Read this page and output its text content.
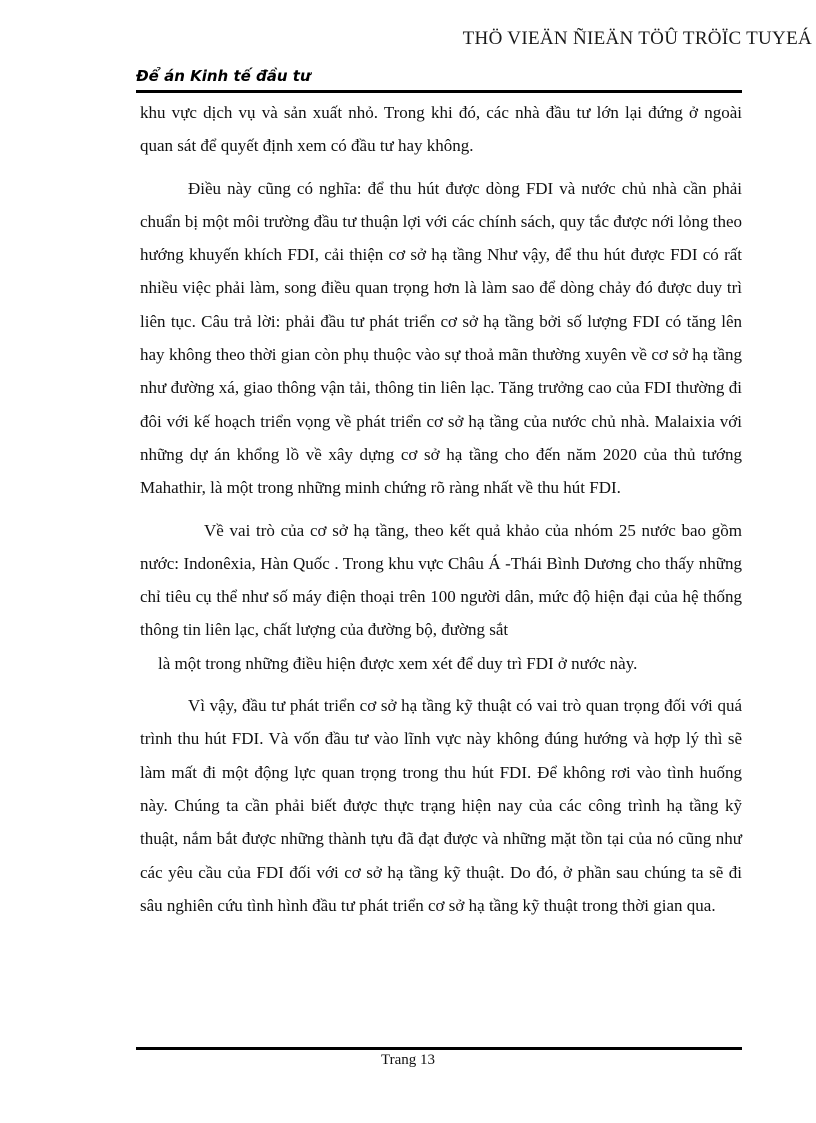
THÖ VIEÄN ÑIEÄN TÖÛ TRÖÏC TUYEÁ
Để án Kinh tế đầu tư

khu vực dịch vụ và sản xuất nhỏ. Trong khi đó, các nhà đầu tư lớn lại đứng ở ngoài quan sát để quyết định xem có đầu tư hay không.

Điều này cũng có nghĩa: để thu hút được dòng FDI và nước chủ nhà cần phải chuẩn bị một môi trường đầu tư thuận lợi với các chính sách, quy tắc được nới lỏng theo hướng khuyến khích FDI, cải thiện cơ sở hạ tầng Như vậy, để thu hút được FDI có rất nhiều việc phải làm, song điều quan trọng hơn là làm sao để dòng chảy đó được duy trì liên tục. Câu trả lời: phải đầu tư phát triển cơ sở hạ tầng bởi số lượng FDI có tăng lên hay không theo thời gian còn phụ thuộc vào sự thoả mãn thường xuyên về cơ sở hạ tầng như đường xá, giao thông vận tải, thông tin liên lạc. Tăng trưởng cao của FDI thường đi đôi với kế hoạch triển vọng về phát triển cơ sở hạ tầng của nước chủ nhà. Malaixia với những dự án khổng lồ về xây dựng cơ sở hạ tầng cho đến năm 2020 của thủ tướng Mahathir, là một trong những minh chứng rõ ràng nhất về thu hút FDI.

Về vai trò của cơ sở hạ tầng, theo kết quả khảo của nhóm 25 nước bao gồm nước: Indonêxia, Hàn Quốc . Trong khu vực Châu Á -Thái Bình Dương cho thấy những chỉ tiêu cụ thể như số máy điện thoại trên 100 người dân, mức độ hiện đại của hệ thống thông tin liên lạc, chất lượng của đường bộ, đường sắt

là một trong những điều hiện được xem xét để duy trì FDI ở nước này.

Vì vậy, đầu tư phát triển cơ sở hạ tầng kỹ thuật có vai trò quan trọng đối với quá trình thu hút FDI. Và vốn đầu tư vào lĩnh vực này không đúng hướng và hợp lý thì sẽ làm mất đi một động lực quan trọng trong thu hút FDI. Để không rơi vào tình huống này. Chúng ta cần phải biết được thực trạng hiện nay của các công trình hạ tầng kỹ thuật, nắm bắt được những thành tựu đã đạt được và những mặt tồn tại của nó cũng như các yêu cầu của FDI đối với cơ sở hạ tầng kỹ thuật. Do đó, ở phần sau chúng ta sẽ đi sâu nghiên cứu tình hình đầu tư phát triển cơ sở hạ tầng kỹ thuật trong thời gian qua.

Trang 13
